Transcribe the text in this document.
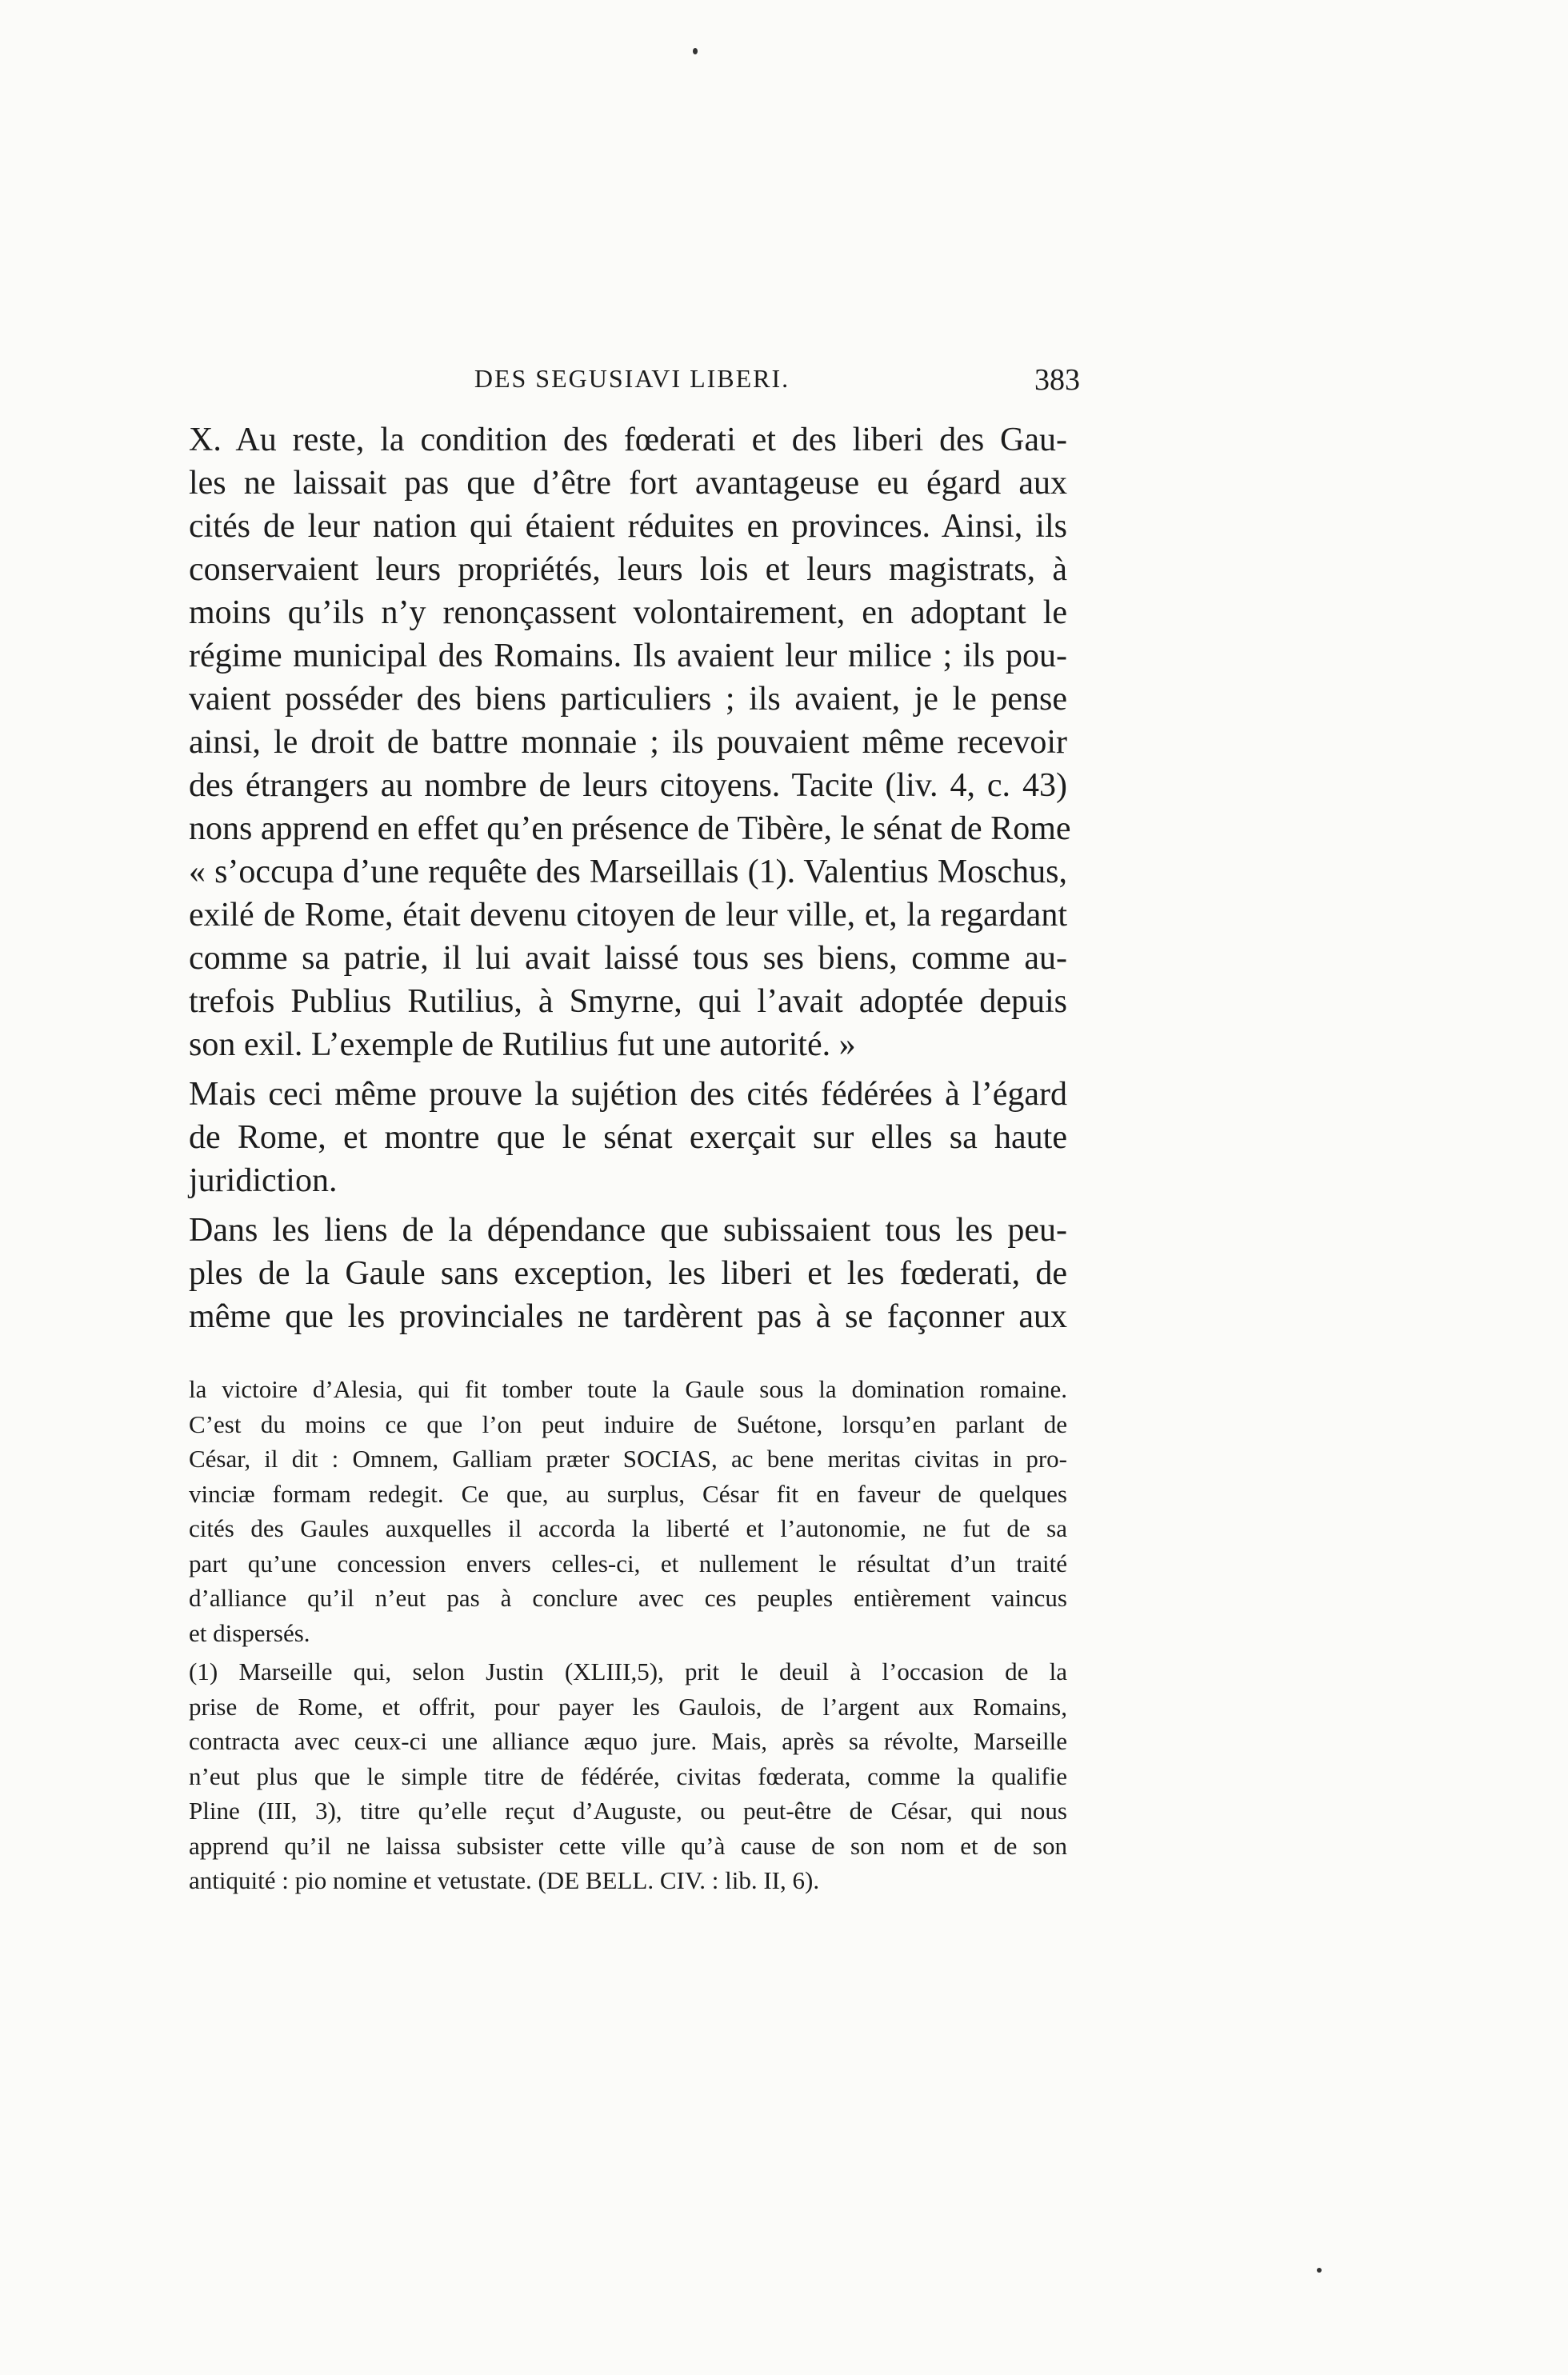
DES SEGUSIAVI LIBERI.	383
X. Au reste, la condition des fœderati et des liberi des Gau-
les ne laissait pas que d’être fort avantageuse eu égard aux
cités de leur nation qui étaient réduites en provinces. Ainsi, ils
conservaient leurs propriétés, leurs lois et leurs magistrats, à
moins qu’ils n’y renonçassent volontairement, en adoptant le
régime municipal des Romains. Ils avaient leur milice ; ils pou-
vaient posséder des biens particuliers ; ils avaient, je le pense
ainsi, le droit de battre monnaie ; ils pouvaient même recevoir
des étrangers au nombre de leurs citoyens. Tacite (liv. 4, c. 43)
nons apprend en effet qu’en présence de Tibère, le sénat de Rome
« s’occupa d’une requête des Marseillais (1). Valentius Moschus,
exilé de Rome, était devenu citoyen de leur ville, et, la regardant
comme sa patrie, il lui avait laissé tous ses biens, comme au-
trefois Publius Rutilius, à Smyrne, qui l’avait adoptée depuis
son exil. L’exemple de Rutilius fut une autorité. »
Mais ceci même prouve la sujétion des cités fédérées à l’égard
de Rome, et montre que le sénat exerçait sur elles sa haute
juridiction.
Dans les liens de la dépendance que subissaient tous les peu-
ples de la Gaule sans exception, les liberi et les fœderati, de
même que les provinciales ne tardèrent pas à se façonner aux
la victoire d’Alesia, qui fit tomber toute la Gaule sous la domination romaine.
C’est du moins ce que l’on peut induire de Suétone, lorsqu’en parlant de
César, il dit : Omnem, Galliam præter SOCIAS, ac bene meritas civitas in pro-
vinciæ formam redegit. Ce que, au surplus, César fit en faveur de quelques
cités des Gaules auxquelles il accorda la liberté et l’autonomie, ne fut de sa
part qu’une concession envers celles-ci, et nullement le résultat d’un traité
d’alliance qu’il n’eut pas à conclure avec ces peuples entièrement vaincus
et dispersés.
(1) Marseille qui, selon Justin (XLIII,5), prit le deuil à l’occasion de la
prise de Rome, et offrit, pour payer les Gaulois, de l’argent aux Romains,
contracta avec ceux-ci une alliance æquo jure. Mais, après sa révolte, Marseille
n’eut plus que le simple titre de fédérée, civitas fœderata, comme la qualifie
Pline (III, 3), titre qu’elle reçut d’Auguste, ou peut-être de César, qui nous
apprend qu’il ne laissa subsister cette ville qu’à cause de son nom et de son
antiquité : pio nomine et vetustate. (DE BELL. CIV. : lib. II, 6).
